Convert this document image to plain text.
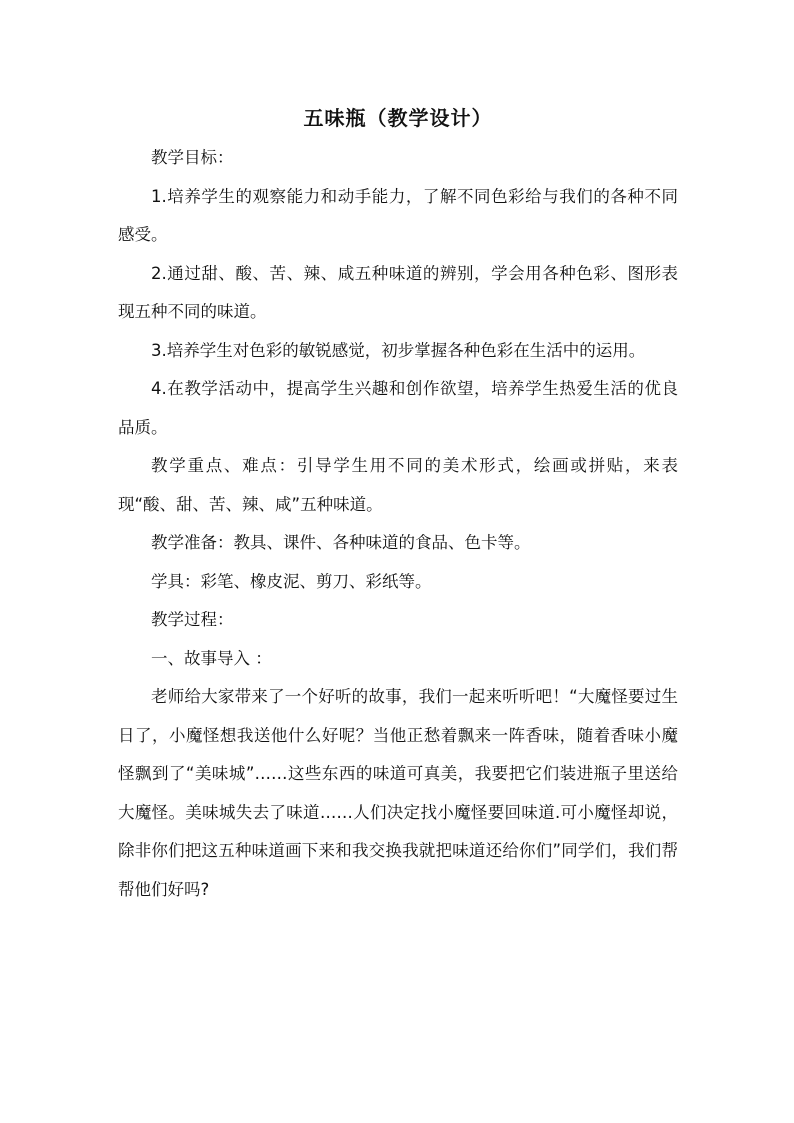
五味瓶（教学设计）

教学目标：

1.培养学生的观察能力和动手能力，了解不同色彩给与我们的各种不同感受。

2.通过甜、酸、苦、辣、咸五种味道的辨别，学会用各种色彩、图形表现五种不同的味道。

3.培养学生对色彩的敏锐感觉，初步掌握各种色彩在生活中的运用。

4.在教学活动中，提高学生兴趣和创作欲望，培养学生热爱生活的优良品质。

教学重点、难点：引导学生用不同的美术形式，绘画或拼贴，来表现“酸、甜、苦、辣、咸”五种味道。

教学准备：教具、课件、各种味道的食品、色卡等。

学具：彩笔、橡皮泥、剪刀、彩纸等。

教学过程：

一、故事导入 ：

老师给大家带来了一个好听的故事，我们一起来听听吧！“大魔怪要过生日了，小魔怪想我送他什么好呢？当他正愁着飘来一阵香味，随着香味小魔怪飘到了“美味城”……这些东西的味道可真美，我要把它们装进瓶子里送给大魔怪。美味城失去了味道……人们决定找小魔怪要回味道.可小魔怪却说，除非你们把这五种味道画下来和我交换我就把味道还给你们”同学们，我们帮帮他们好吗?
